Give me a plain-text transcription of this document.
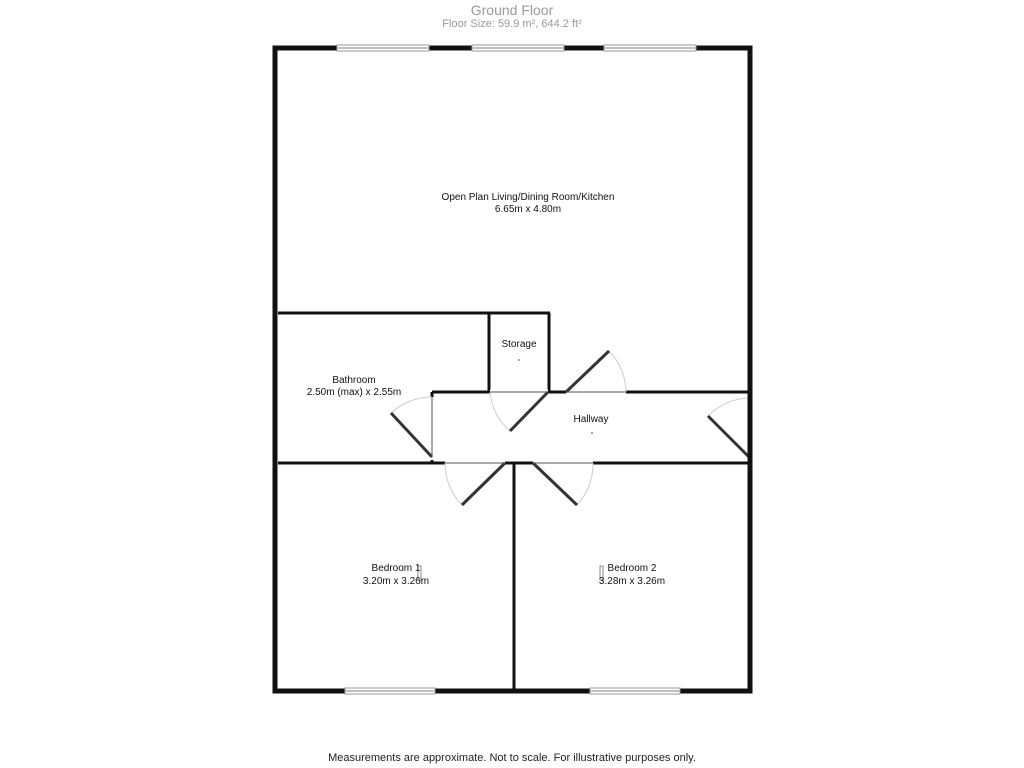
Ground Floor
Floor Size: 59.9 m², 644.2 ft²
Open Plan Living/Dining Room/Kitchen
6.65m x 4.80m
Storage
Bathroom
2.50m (max) x 2.55m
Hallway
Bedroom 1
3.20m x 3.26m
Bedroom 2
3.28m x 3.26m
Measurements are approximate. Not to scale. For illustrative purposes only.
